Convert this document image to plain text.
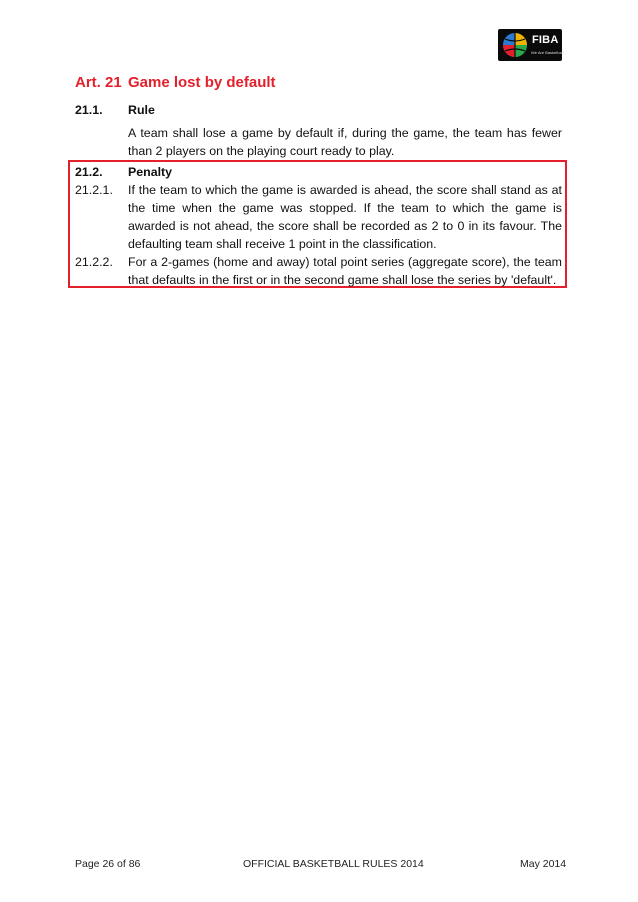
FIBA
We Are Basketball
Art. 21 Game lost by default
21.1.	Rule
A team shall lose a game by default if, during the game, the team has fewer than 2 players on the playing court ready to play.
21.2.	Penalty
21.2.1.	If the team to which the game is awarded is ahead, the score shall stand as at the time when the game was stopped. If the team to which the game is awarded is not ahead, the score shall be recorded as 2 to 0 in its favour. The defaulting team shall receive 1 point in the classification.
21.2.2.	For a 2-games (home and away) total point series (aggregate score), the team that defaults in the first or in the second game shall lose the series by 'default'.
Page 26 of 86	OFFICIAL BASKETBALL RULES 2014	May 2014
